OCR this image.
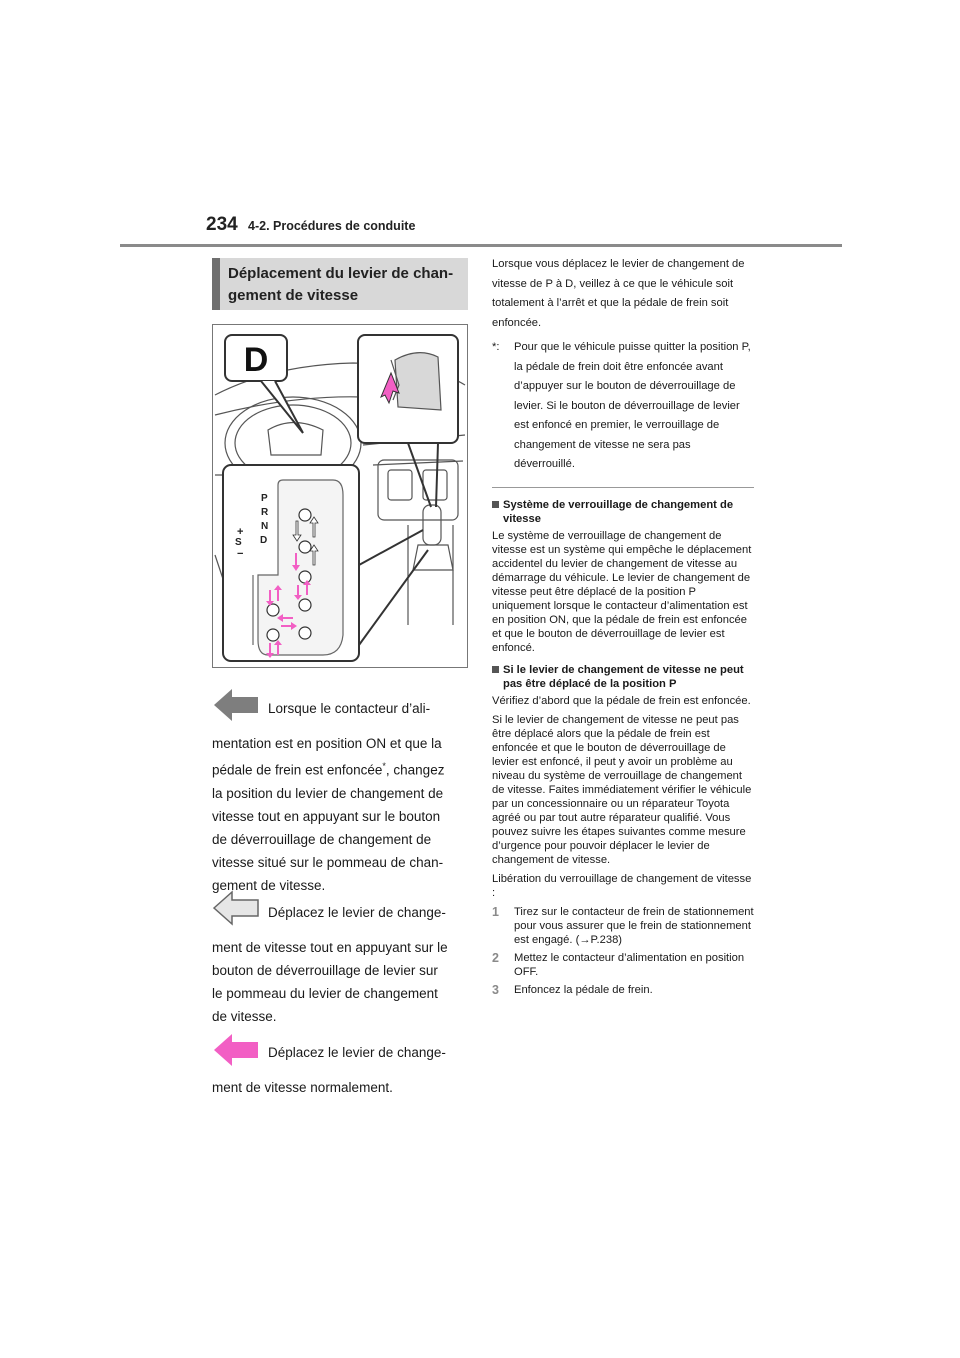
234 4-2. Procédures de conduite
Déplacement du levier de chan-
gement de vitesse
D
P
R
N
D
+
S
−
Lorsque le contacteur d’ali-
mentation est en position ON et que la
pédale de frein est enfoncée*, changez
la position du levier de changement de
vitesse tout en appuyant sur le bouton
de déverrouillage de changement de
vitesse situé sur le pommeau de chan-
gement de vitesse.
Déplacez le levier de change-
ment de vitesse tout en appuyant sur le
bouton de déverrouillage de levier sur
le pommeau du levier de changement
de vitesse.
Déplacez le levier de change-
ment de vitesse normalement.

Lorsque vous déplacez le levier de changement de vitesse de P à D, veillez à ce que le véhicule soit totalement à l’arrêt et que la pédale de frein soit enfoncée.

*:	Pour que le véhicule puisse quitter la position P, la pédale de frein doit être enfoncée avant d’appuyer sur le bouton de déverrouillage de levier. Si le bouton de déverrouillage de levier est enfoncé en premier, le verrouillage de changement de vitesse ne sera pas déverrouillé.
Système de verrouillage de changement de vitesse

Le système de verrouillage de changement de vitesse est un système qui empêche le déplacement accidentel du levier de changement de vitesse au démarrage du véhicule. Le levier de changement de vitesse peut être déplacé de la position P uniquement lorsque le contacteur d’alimentation est en position ON, que la pédale de frein est enfoncée et que le bouton de déverrouillage de levier est enfoncé.

Si le levier de changement de vitesse ne peut pas être déplacé de la position P

Vérifiez d’abord que la pédale de frein est enfoncée.

Si le levier de changement de vitesse ne peut pas être déplacé alors que la pédale de frein est enfoncée et que le bouton de déverrouillage de levier est enfoncé, il peut y avoir un problème au niveau du système de verrouillage de changement de vitesse. Faites immédiatement vérifier le véhicule par un concessionnaire ou un réparateur Toyota agréé ou par tout autre réparateur qualifié. Vous pouvez suivre les étapes suivantes comme mesure d’urgence pour pouvoir déplacer le levier de changement de vitesse.

Libération du verrouillage de changement de vitesse :

1	Tirez sur le contacteur de frein de stationnement pour vous assurer que le frein de stationnement est engagé. (→P.238)
2	Mettez le contacteur d’alimentation en position OFF.
3	Enfoncez la pédale de frein.
